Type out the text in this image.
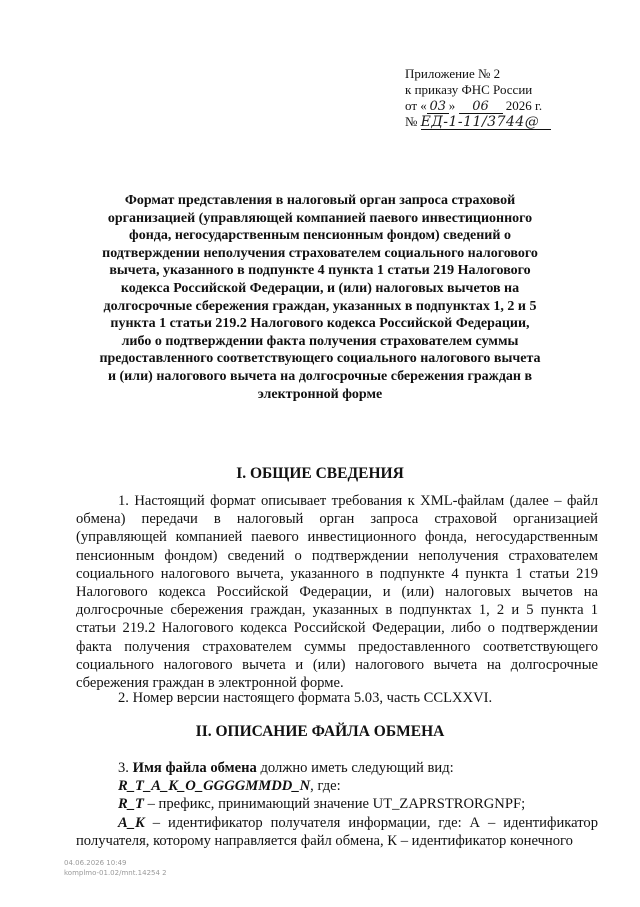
Приложение № 2
к приказу ФНС России
от « 03 » 06 2026 г.
№ ЕД-1-11/3744@
Формат представления в налоговый орган запроса страховой организацией (управляющей компанией паевого инвестиционного фонда, негосударственным пенсионным фондом) сведений о подтверждении неполучения страхователем социального налогового вычета, указанного в подпункте 4 пункта 1 статьи 219 Налогового кодекса Российской Федерации, и (или) налоговых вычетов на долгосрочные сбережения граждан, указанных в подпунктах 1, 2 и 5 пункта 1 статьи 219.2 Налогового кодекса Российской Федерации, либо о подтверждении факта получения страхователем суммы предоставленного соответствующего социального налогового вычета и (или) налогового вычета на долгосрочные сбережения граждан в электронной форме
I. ОБЩИЕ СВЕДЕНИЯ

1. Настоящий формат описывает требования к XML-файлам (далее – файл обмена) передачи в налоговый орган запроса страховой организацией (управляющей компанией паевого инвестиционного фонда, негосударственным пенсионным фондом) сведений о подтверждении неполучения страхователем социального налогового вычета, указанного в подпункте 4 пункта 1 статьи 219 Налогового кодекса Российской Федерации, и (или) налоговых вычетов на долгосрочные сбережения граждан, указанных в подпунктах 1, 2 и 5 пункта 1 статьи 219.2 Налогового кодекса Российской Федерации, либо о подтверждении факта получения страхователем суммы предоставленного соответствующего социального налогового вычета и (или) налогового вычета на долгосрочные сбережения граждан в электронной форме.

2. Номер версии настоящего формата 5.03, часть CCLXXVI.

II. ОПИСАНИЕ ФАЙЛА ОБМЕНА
3. Имя файла обмена должно иметь следующий вид:
R_T_A_K_O_GGGGMMDD_N, где:
R_T – префикс, принимающий значение UT_ZAPRSTRORGNPF;
A_K – идентификатор получателя информации, где: А – идентификатор получателя, которому направляется файл обмена, К – идентификатор конечного
04.06.2026 10:49
komplmo-01.02/mnt.14254 2
